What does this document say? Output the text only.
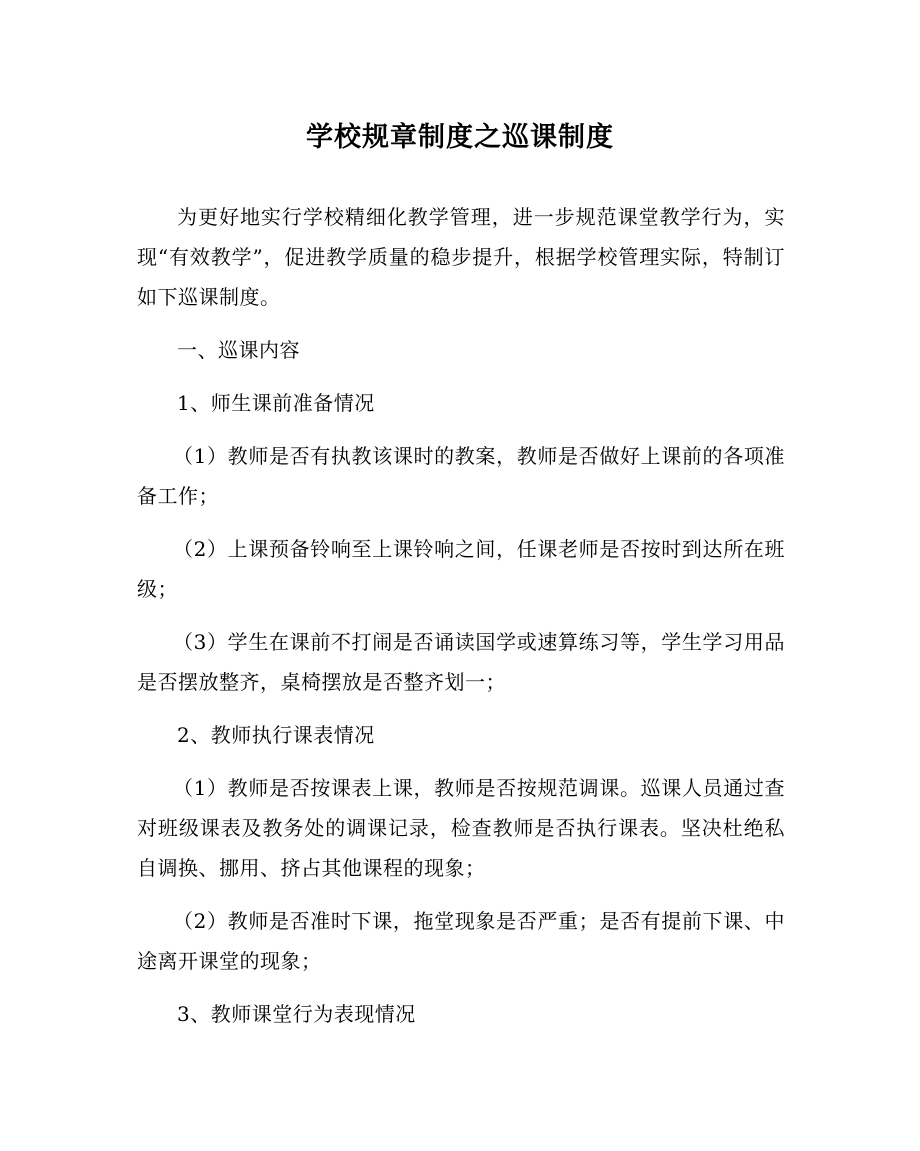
学校规章制度之巡课制度

为更好地实行学校精细化教学管理，进一步规范课堂教学行为，实现“有效教学”，促进教学质量的稳步提升，根据学校管理实际，特制订如下巡课制度。

一、巡课内容

1、师生课前准备情况

（1）教师是否有执教该课时的教案，教师是否做好上课前的各项准备工作；

（2）上课预备铃响至上课铃响之间，任课老师是否按时到达所在班级；

（3）学生在课前不打闹是否诵读国学或速算练习等，学生学习用品是否摆放整齐，桌椅摆放是否整齐划一；

2、教师执行课表情况

（1）教师是否按课表上课，教师是否按规范调课。巡课人员通过查对班级课表及教务处的调课记录，检查教师是否执行课表。坚决杜绝私自调换、挪用、挤占其他课程的现象；

（2）教师是否准时下课，拖堂现象是否严重；是否有提前下课、中途离开课堂的现象；

3、教师课堂行为表现情况
